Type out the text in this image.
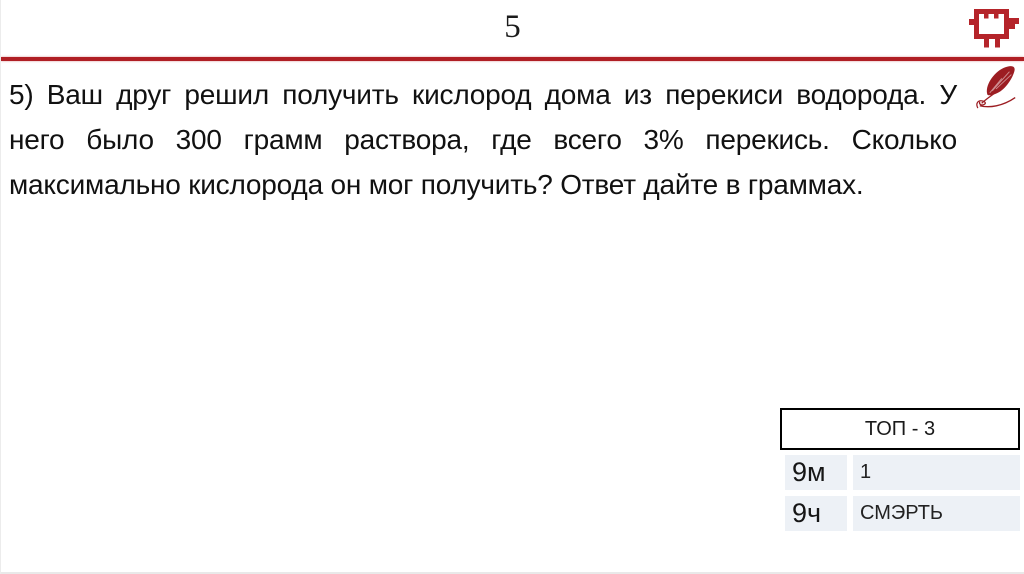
5
5) Ваш друг решил получить кислород дома из перекиси водорода. У него было 300 грамм раствора, где всего 3% перекись. Сколько максимально кислорода он мог получить? Ответ дайте в граммах.
ТОП - 3
9м	1
9ч	СМЭРТЬ
